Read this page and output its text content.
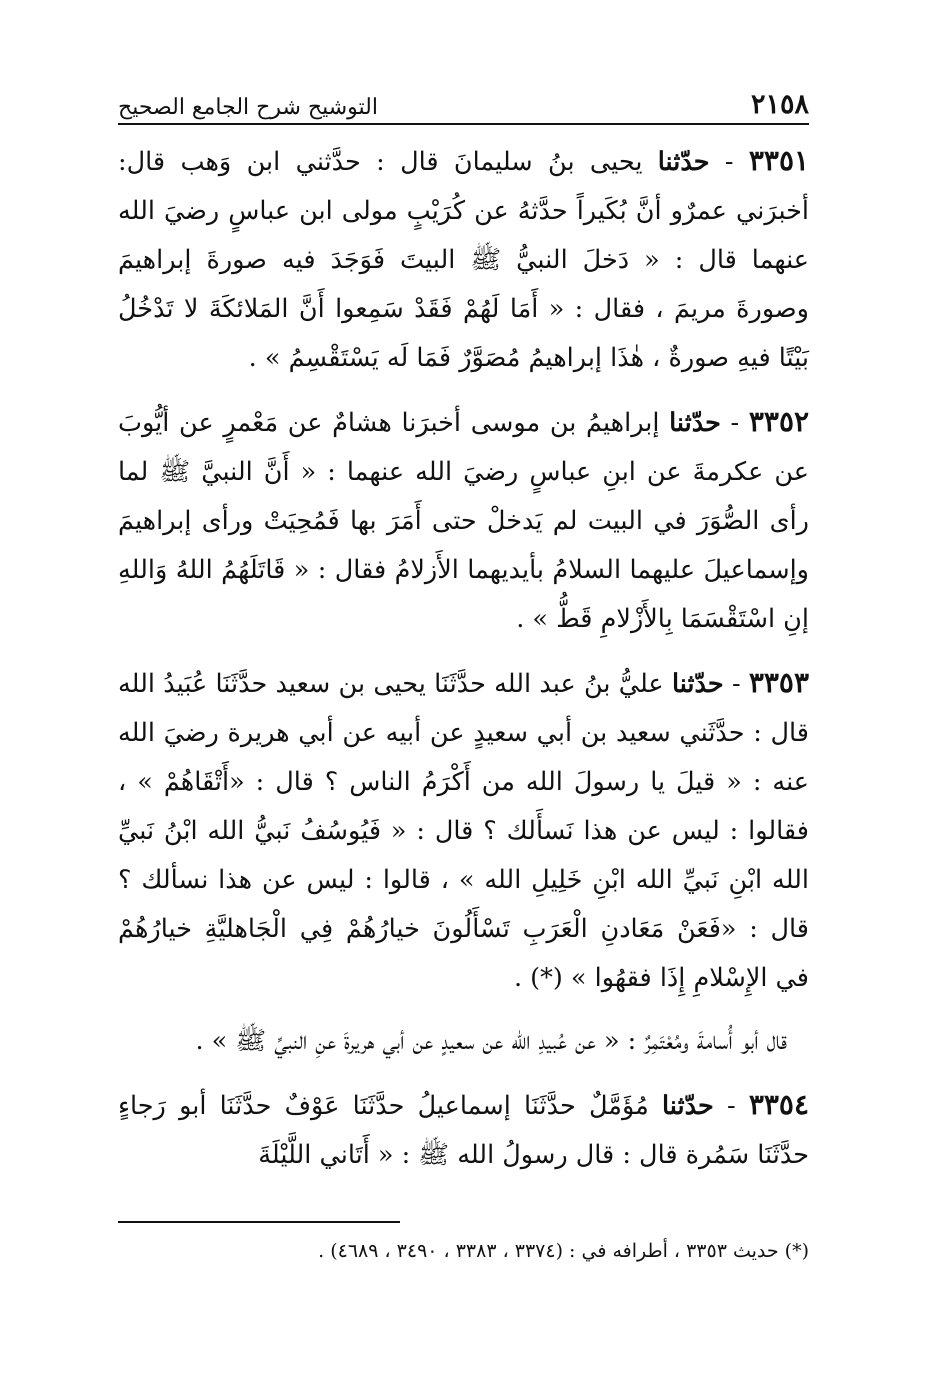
٢١٥٨
التوشيح شرح الجامع الصحيح

٣٣٥١ - حدّثنا يحيى بنُ سليمانَ قال : حدَّثني ابن وَهب قال: أخبرَني عمرٌو أنَّ بُكَيراً حدَّثهُ عن كُرَيْبٍ مولى ابن عباسٍ رضيَ الله عنهما قال : « دَخلَ النبيُّ ﷺ البيتَ فَوَجَدَ فيه صورةَ إبراهيمَ وصورةَ مريمَ ، فقال : « أَمَا لَهُمْ فَقَدْ سَمِعوا أَنَّ المَلائكَةَ لا تَدْخُلُ بَيْتًا فيهِ صورةٌ ، هٰذَا إبراهيمُ مُصَوَّرٌ فَمَا لَه يَسْتَقْسِمُ » .

٣٣٥٢ - حدّثنا إبراهيمُ بن موسى أخبرَنا هشامٌ عن مَعْمرٍ عن أيُّوبَ عن عكرمةَ عن ابنِ عباسٍ رضيَ الله عنهما : « أَنَّ النبيَّ ﷺ لما رأى الصُّوَرَ في البيت لم يَدخلْ حتى أَمَرَ بها فَمُحِيَتْ ورأى إبراهيمَ وإسماعيلَ عليهما السلامُ بأيديهما الأَزلامُ فقال : « قَاتَلَهُمُ اللهُ وَاللهِ إنِ اسْتَقْسَمَا بِالأَزْلامِ قَطُّ » .

٣٣٥٣ - حدّثنا عليُّ بنُ عبد الله حدَّثَنَا يحيى بن سعيد حدَّثَنَا عُبَيدُ الله قال : حدَّثَني سعيد بن أبي سعيدٍ عن أبيه عن أبي هريرة رضيَ الله عنه : « قيلَ يا رسولَ الله من أَكْرَمُ الناس ؟ قال : «أَتْقَاهُمْ » ، فقالوا : ليس عن هذا نَسأَلك ؟ قال : « فَيُوسُفُ نَبيُّ الله ابْنُ نَبيِّ الله ابْنِ نَبيِّ الله ابْنِ خَلِيلِ الله » ، قالوا : ليس عن هذا نسألك ؟ قال : «فَعَنْ مَعَادنِ الْعَرَبِ تَسْأَلُونَ خيارُهُمْ فِي الْجَاهليَّةِ خيارُهُمْ في الإِسْلامِ إِذَا فقهُوا » (*) .

قال أبو أُسامةَ ومُعْتَمِرٌ : « عن عُبيدِ الله عن سعيدٍ عن أبي هريرةَ عنِ النبيِّ ﷺ » .

٣٣٥٤ - حدّثنا مُؤَمَّلٌ حدَّثَنَا إسماعيلُ حدَّثَنَا عَوْفٌ حدَّثَنَا أبو رَجاءٍ حدَّثَنَا سَمُرة قال : قال رسولُ الله ﷺ : « أَتَاني اللَّيْلَةَ

(*) حديث ٣٣٥٣ ، أطرافه في : (٣٣٧٤ ، ٣٣٨٣ ، ٣٤٩٠ ، ٤٦٨٩) .
